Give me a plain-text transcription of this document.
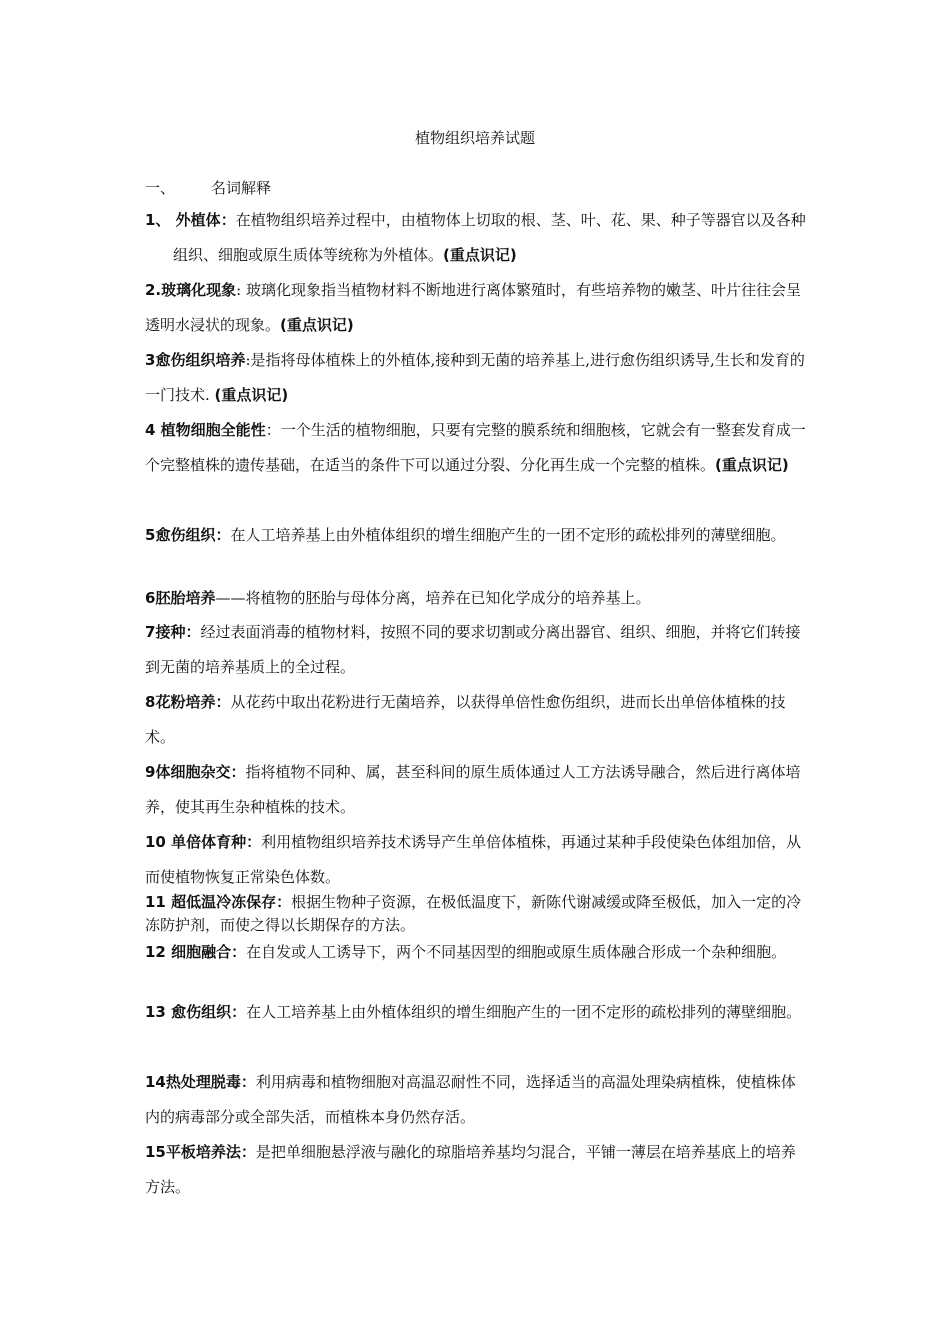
植物组织培养试题
一、 名词解释
1、 外植体：在植物组织培养过程中，由植物体上切取的根、茎、叶、花、果、种子等器官以及各种组织、细胞或原生质体等统称为外植体。(重点识记)
2.玻璃化现象: 玻璃化现象指当植物材料不断地进行离体繁殖时，有些培养物的嫩茎、叶片往往会呈透明水浸状的现象。(重点识记)
3愈伤组织培养:是指将母体植株上的外植体,接种到无菌的培养基上,进行愈伤组织诱导,生长和发育的一门技术. (重点识记)
4 植物细胞全能性：一个生活的植物细胞，只要有完整的膜系统和细胞核，它就会有一整套发育成一个完整植株的遗传基础，在适当的条件下可以通过分裂、分化再生成一个完整的植株。(重点识记)
5愈伤组织：在人工培养基上由外植体组织的增生细胞产生的一团不定形的疏松排列的薄壁细胞。
6胚胎培养——将植物的胚胎与母体分离，培养在已知化学成分的培养基上。
7接种：经过表面消毒的植物材料，按照不同的要求切割或分离出器官、组织、细胞，并将它们转接到无菌的培养基质上的全过程。
8花粉培养：从花药中取出花粉进行无菌培养，以获得单倍性愈伤组织，进而长出单倍体植株的技术。
9体细胞杂交：指将植物不同种、属，甚至科间的原生质体通过人工方法诱导融合，然后进行离体培养，使其再生杂种植株的技术。
10 单倍体育种：利用植物组织培养技术诱导产生单倍体植株，再通过某种手段使染色体组加倍，从而使植物恢复正常染色体数。
11 超低温冷冻保存：根据生物种子资源，在极低温度下，新陈代谢减缓或降至极低，加入一定的冷冻防护剂，而使之得以长期保存的方法。
12 细胞融合：在自发或人工诱导下，两个不同基因型的细胞或原生质体融合形成一个杂种细胞。
13 愈伤组织：在人工培养基上由外植体组织的增生细胞产生的一团不定形的疏松排列的薄壁细胞。
14热处理脱毒：利用病毒和植物细胞对高温忍耐性不同，选择适当的高温处理染病植株，使植株体内的病毒部分或全部失活，而植株本身仍然存活。
15平板培养法：是把单细胞悬浮液与融化的琼脂培养基均匀混合，平铺一薄层在培养基底上的培养方法。
